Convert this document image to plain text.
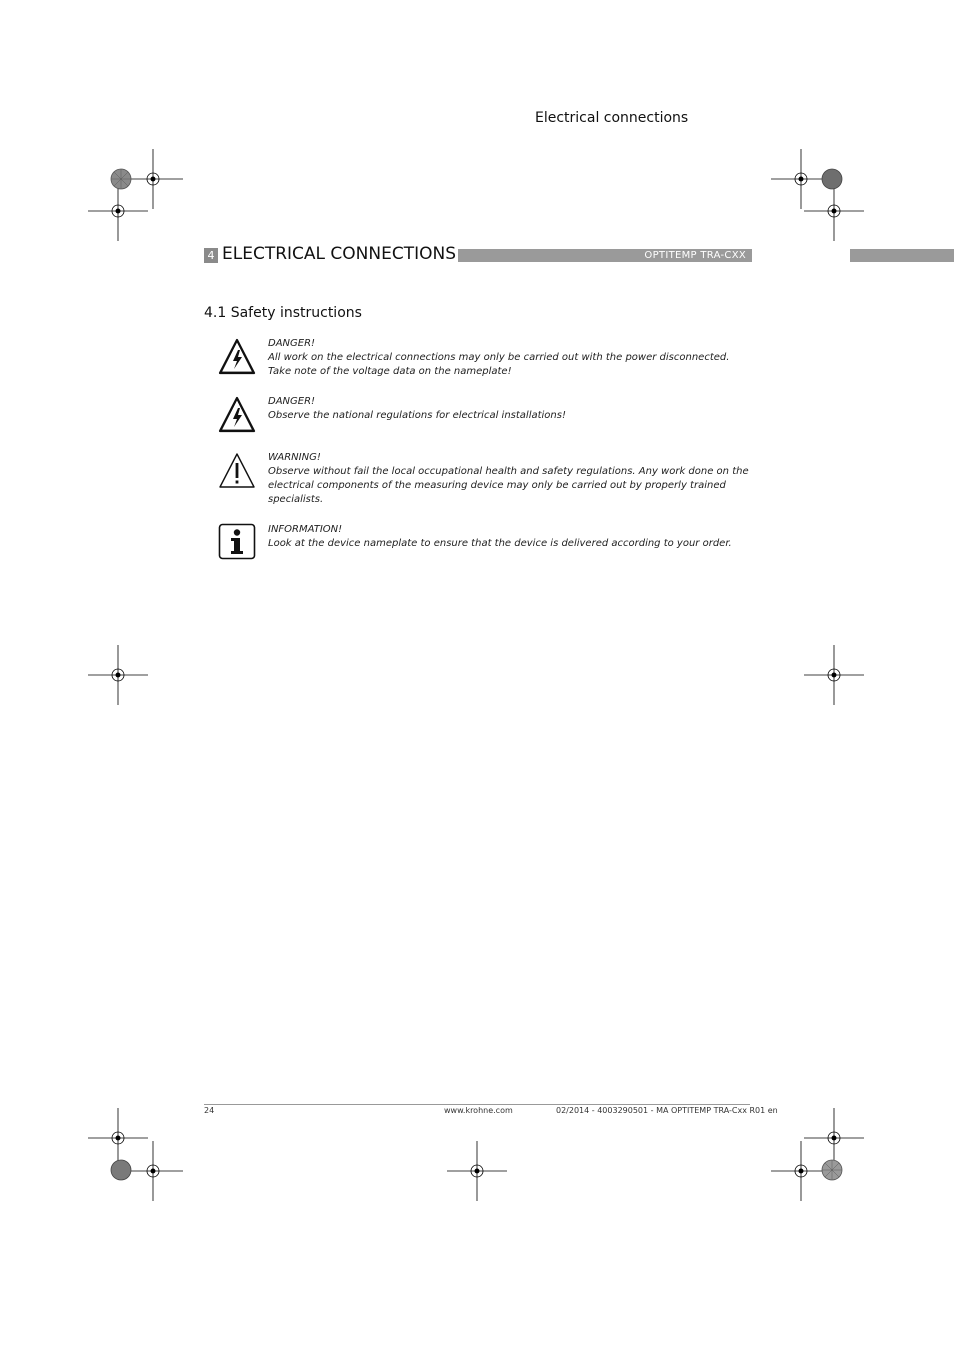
Electrical connections
4 ELECTRICAL CONNECTIONS	OPTITEMP TRA-CXX
4.1 Safety instructions
DANGER!
All work on the electrical connections may only be carried out with the power disconnected. Take note of the voltage data on the nameplate!
DANGER!
Observe the national regulations for electrical installations!
WARNING!
Observe without fail the local occupational health and safety regulations. Any work done on the electrical components of the measuring device may only be carried out by properly trained specialists.
INFORMATION!
Look at the device nameplate to ensure that the device is delivered according to your order.
24	www.krohne.com	02/2014 - 4003290501 - MA OPTITEMP TRA-Cxx R01 en
